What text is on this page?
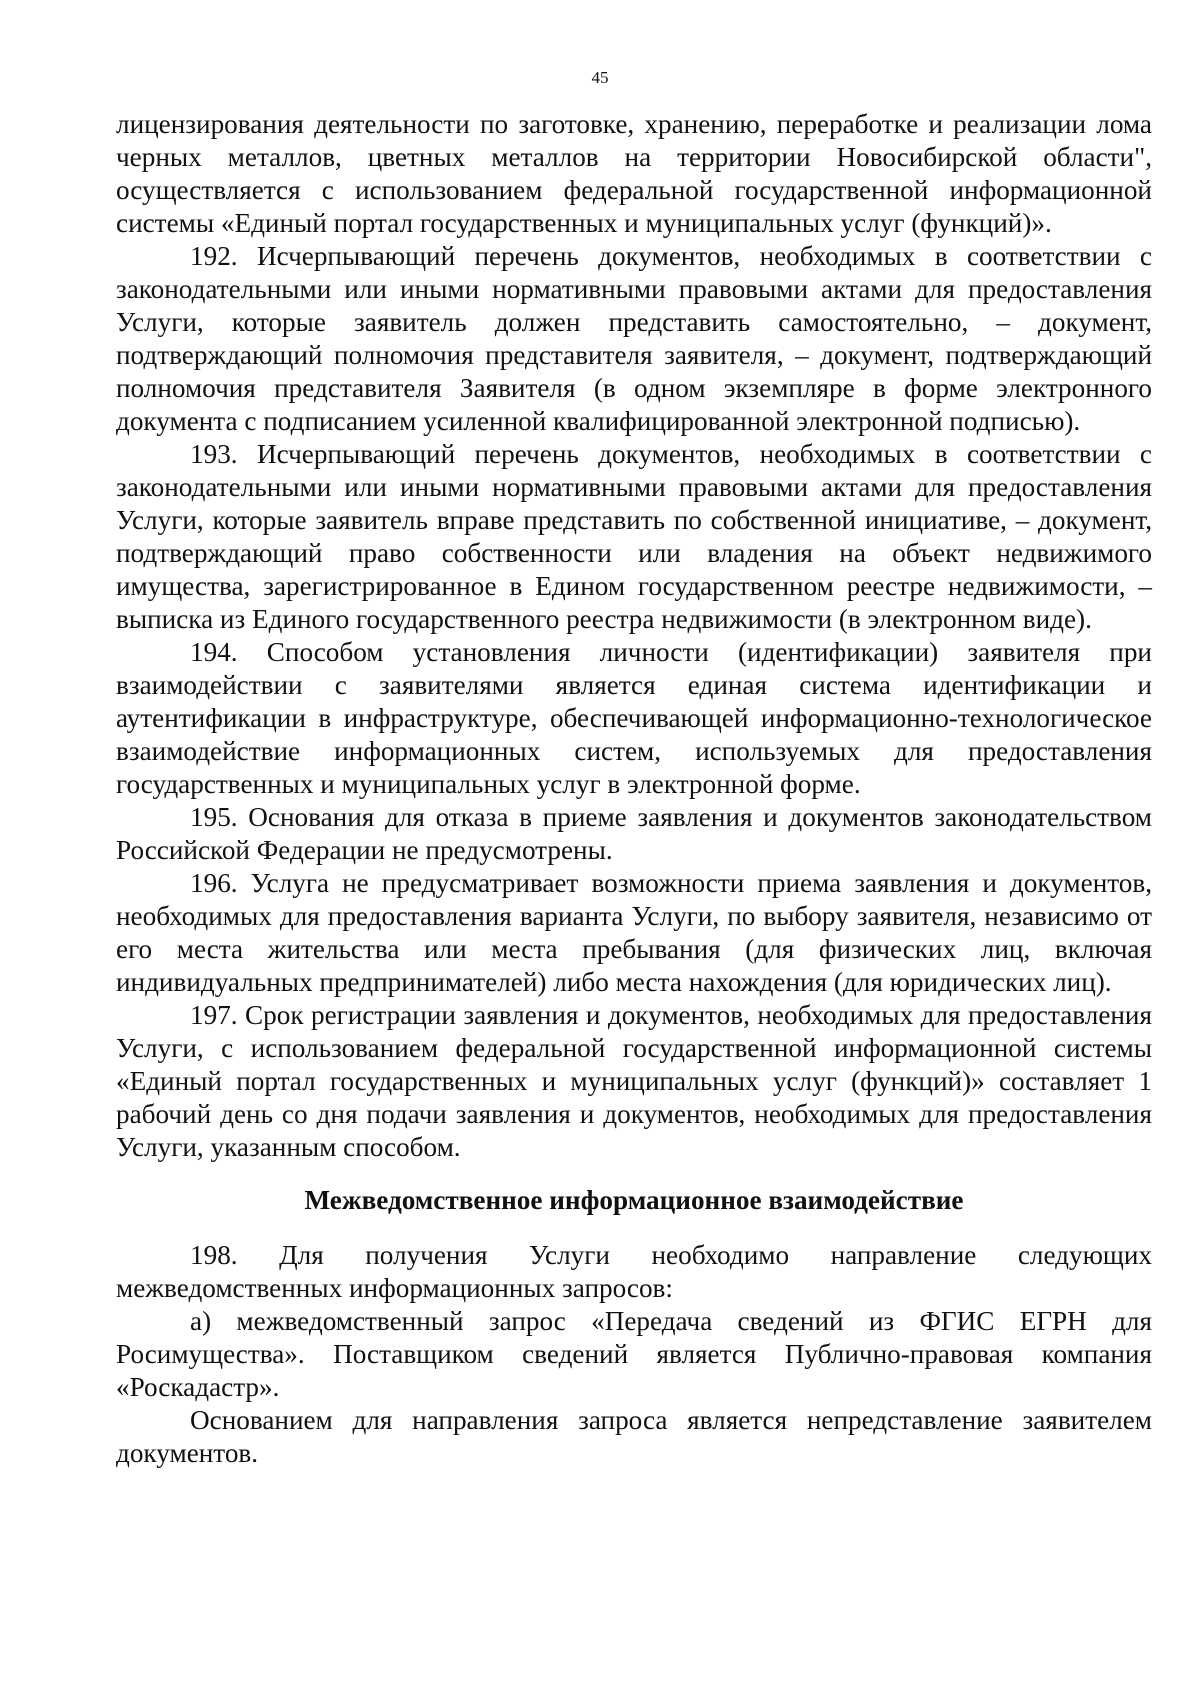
45

лицензирования деятельности по заготовке, хранению, переработке и реализации лома черных металлов, цветных металлов на территории Новосибирской области", осуществляется с использованием федеральной государственной информационной системы «Единый портал государственных и муниципальных услуг (функций)».

192. Исчерпывающий перечень документов, необходимых в соответствии с законодательными или иными нормативными правовыми актами для предоставления Услуги, которые заявитель должен представить самостоятельно, – документ, подтверждающий полномочия представителя заявителя, – документ, подтверждающий полномочия представителя Заявителя (в одном экземпляре в форме электронного документа с подписанием усиленной квалифицированной электронной подписью).

193. Исчерпывающий перечень документов, необходимых в соответствии с законодательными или иными нормативными правовыми актами для предоставления Услуги, которые заявитель вправе представить по собственной инициативе, – документ, подтверждающий право собственности или владения на объект недвижимого имущества, зарегистрированное в Едином государственном реестре недвижимости, – выписка из Единого государственного реестра недвижимости (в электронном виде).

194. Способом установления личности (идентификации) заявителя при взаимодействии с заявителями является единая система идентификации и аутентификации в инфраструктуре, обеспечивающей информационно-технологическое взаимодействие информационных систем, используемых для предоставления государственных и муниципальных услуг в электронной форме.

195. Основания для отказа в приеме заявления и документов законодательством Российской Федерации не предусмотрены.

196. Услуга не предусматривает возможности приема заявления и документов, необходимых для предоставления варианта Услуги, по выбору заявителя, независимо от его места жительства или места пребывания (для физических лиц, включая индивидуальных предпринимателей) либо места нахождения (для юридических лиц).

197. Срок регистрации заявления и документов, необходимых для предоставления Услуги, с использованием федеральной государственной информационной системы «Единый портал государственных и муниципальных услуг (функций)» составляет 1 рабочий день со дня подачи заявления и документов, необходимых для предоставления Услуги, указанным способом.

Межведомственное информационное взаимодействие

198. Для получения Услуги необходимо направление следующих межведомственных информационных запросов:

а) межведомственный запрос «Передача сведений из ФГИС ЕГРН для Росимущества». Поставщиком сведений является Публично-правовая компания «Роскадастр».

Основанием для направления запроса является непредставление заявителем документов.
